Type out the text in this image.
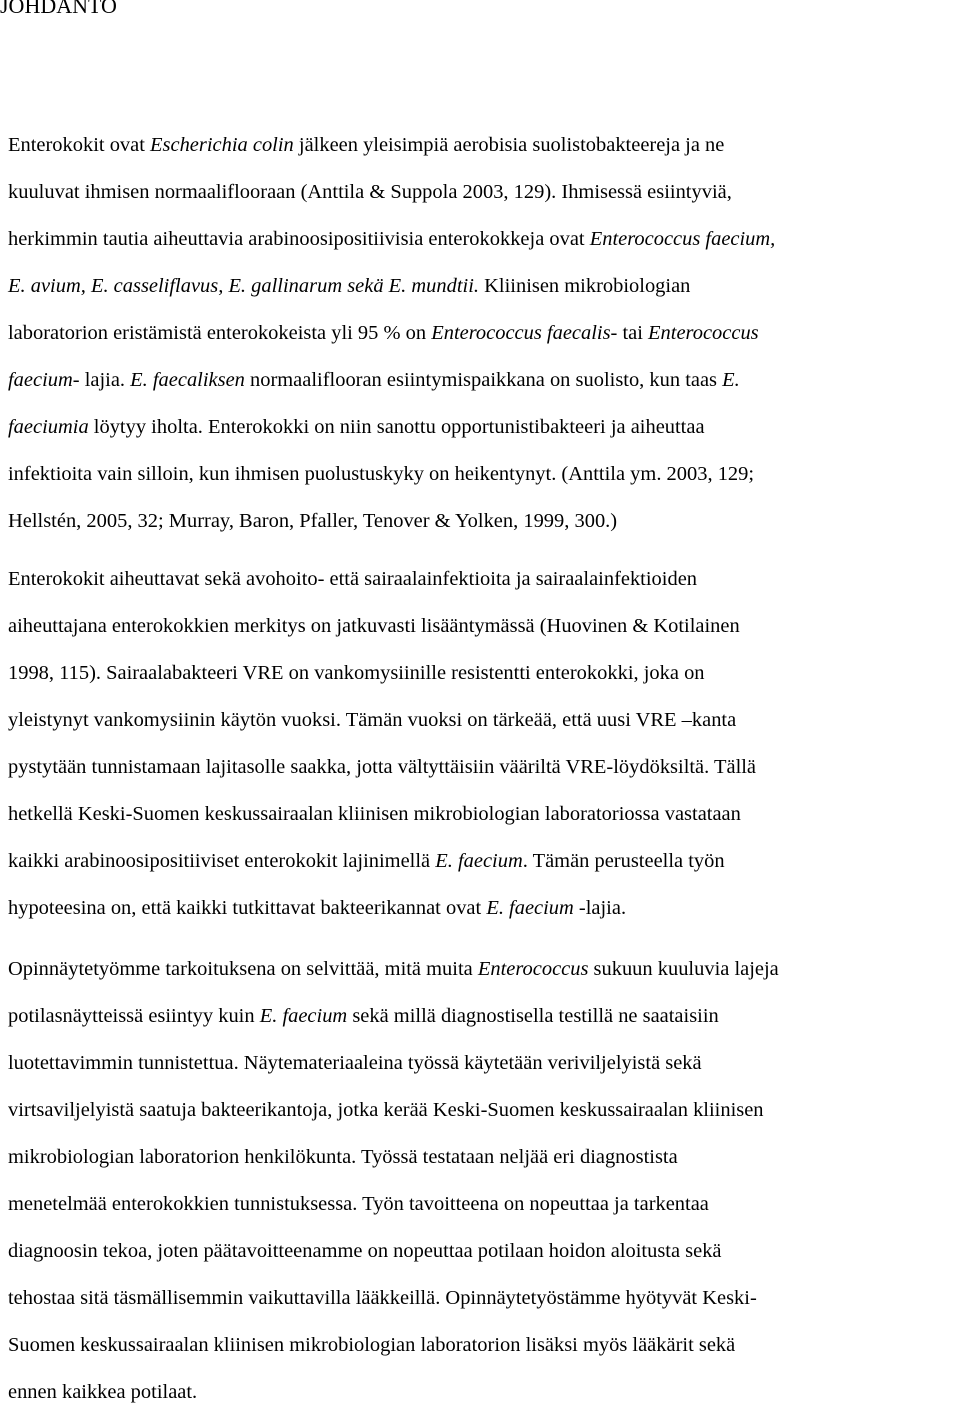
JOHDANTO
Enterokokit ovat Escherichia colin jälkeen yleisimpiä aerobisia suolistobakteereja ja ne
kuuluvat ihmisen normaaliflooraan (Anttila & Suppola 2003, 129). Ihmisessä esiintyviä,
herkimmin tautia aiheuttavia arabinoosipositiivisia enterokokkeja ovat Enterococcus faecium,
E. avium, E. casseliflavus, E. gallinarum sekä E. mundtii. Kliinisen mikrobiologian
laboratorion eristämistä enterokokeista yli 95 % on Enterococcus faecalis- tai Enterococcus
faecium- lajia. E. faecaliksen normaaliflooran esiintymispaikkana on suolisto, kun taas E.
faeciumia löytyy iholta. Enterokokki on niin sanottu opportunistibakteeri ja aiheuttaa
infektioita vain silloin, kun ihmisen puolustuskyky on heikentynyt. (Anttila ym. 2003, 129;
Hellstén, 2005, 32; Murray, Baron, Pfaller, Tenover & Yolken, 1999, 300.)
Enterokokit aiheuttavat sekä avohoito- että sairaalainfektioita ja sairaalainfektioiden
aiheuttajana enterokokkien merkitys on jatkuvasti lisääntymässä (Huovinen & Kotilainen
1998, 115). Sairaalabakteeri VRE on vankomysiinille resistentti enterokokki, joka on
yleistynyt vankomysiinin käytön vuoksi. Tämän vuoksi on tärkeää, että uusi VRE –kanta
pystytään tunnistamaan lajitasolle saakka, jotta vältyttäisiin vääriltä VRE-löydöksiltä. Tällä
hetkellä Keski-Suomen keskussairaalan kliinisen mikrobiologian laboratoriossa vastataan
kaikki arabinoosipositiiviset enterokokit lajinimellä E. faecium. Tämän perusteella työn
hypoteesina on, että kaikki tutkittavat bakteerikannat ovat E. faecium -lajia.
Opinnäytetyömme tarkoituksena on selvittää, mitä muita Enterococcus sukuun kuuluvia lajeja
potilasnäytteissä esiintyy kuin E. faecium sekä millä diagnostisella testillä ne saataisiin
luotettavimmin tunnistettua. Näytemateriaaleina työssä käytetään veriviljelyistä sekä
virtsaviljelyistä saatuja bakteerikantoja, jotka kerää Keski-Suomen keskussairaalan kliinisen
mikrobiologian laboratorion henkilökunta. Työssä testataan neljää eri diagnostista
menetelmää enterokokkien tunnistuksessa. Työn tavoitteena on nopeuttaa ja tarkentaa
diagnoosin tekoa, joten päätavoitteenamme on nopeuttaa potilaan hoidon aloitusta sekä
tehostaa sitä täsmällisemmin vaikuttavilla lääkkeillä. Opinnäytetyöstämme hyötyvät Keski-
Suomen keskussairaalan kliinisen mikrobiologian laboratorion lisäksi myös lääkärit sekä
ennen kaikkea potilaat.
